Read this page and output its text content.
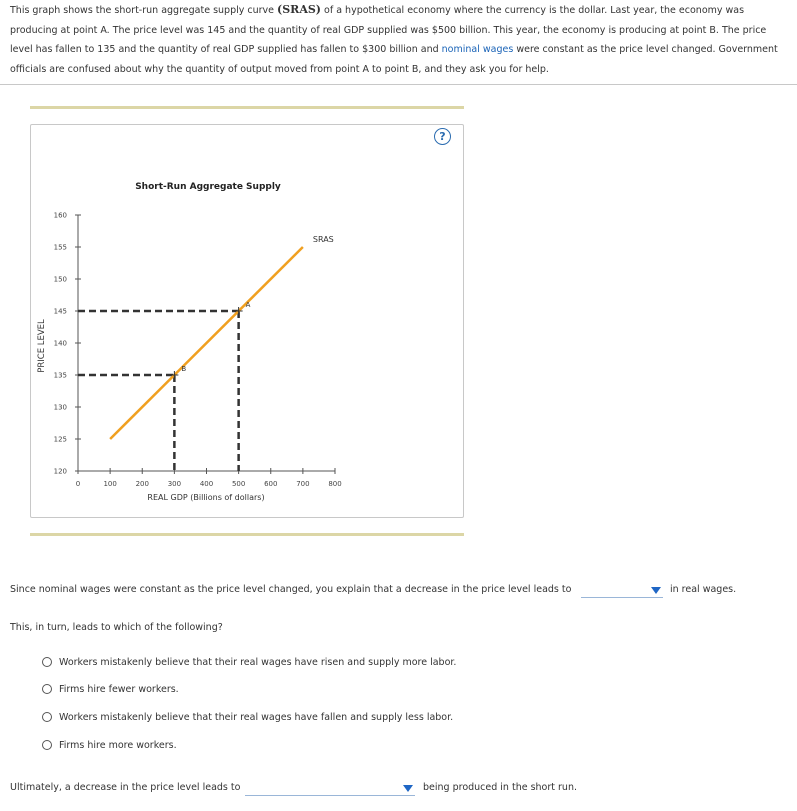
This graph shows the short-run aggregate supply curve (SRAS) of a hypothetical economy where the currency is the dollar. Last year, the economy was producing at point A. The price level was 145 and the quantity of real GDP supplied was $500 billion. This year, the economy is producing at point B. The price level has fallen to 135 and the quantity of real GDP supplied has fallen to $300 billion and nominal wages were constant as the price level changed. Government officials are confused about why the quantity of output moved from point A to point B, and they ask you for help.
Short-Run Aggregate Supply
PRICE LEVEL
REAL GDP (Billions of dollars)
120
125
130
135
140
145
150
155
160
0	100	200	300	400	500	600	700	800
A
B
SRAS
?
Since nominal wages were constant as the price level changed, you explain that a decrease in the price level leads to	in real wages.
This, in turn, leads to which of the following?
Workers mistakenly believe that their real wages have risen and supply more labor.
Firms hire fewer workers.
Workers mistakenly believe that their real wages have fallen and supply less labor.
Firms hire more workers.
Ultimately, a decrease in the price level leads to	being produced in the short run.
